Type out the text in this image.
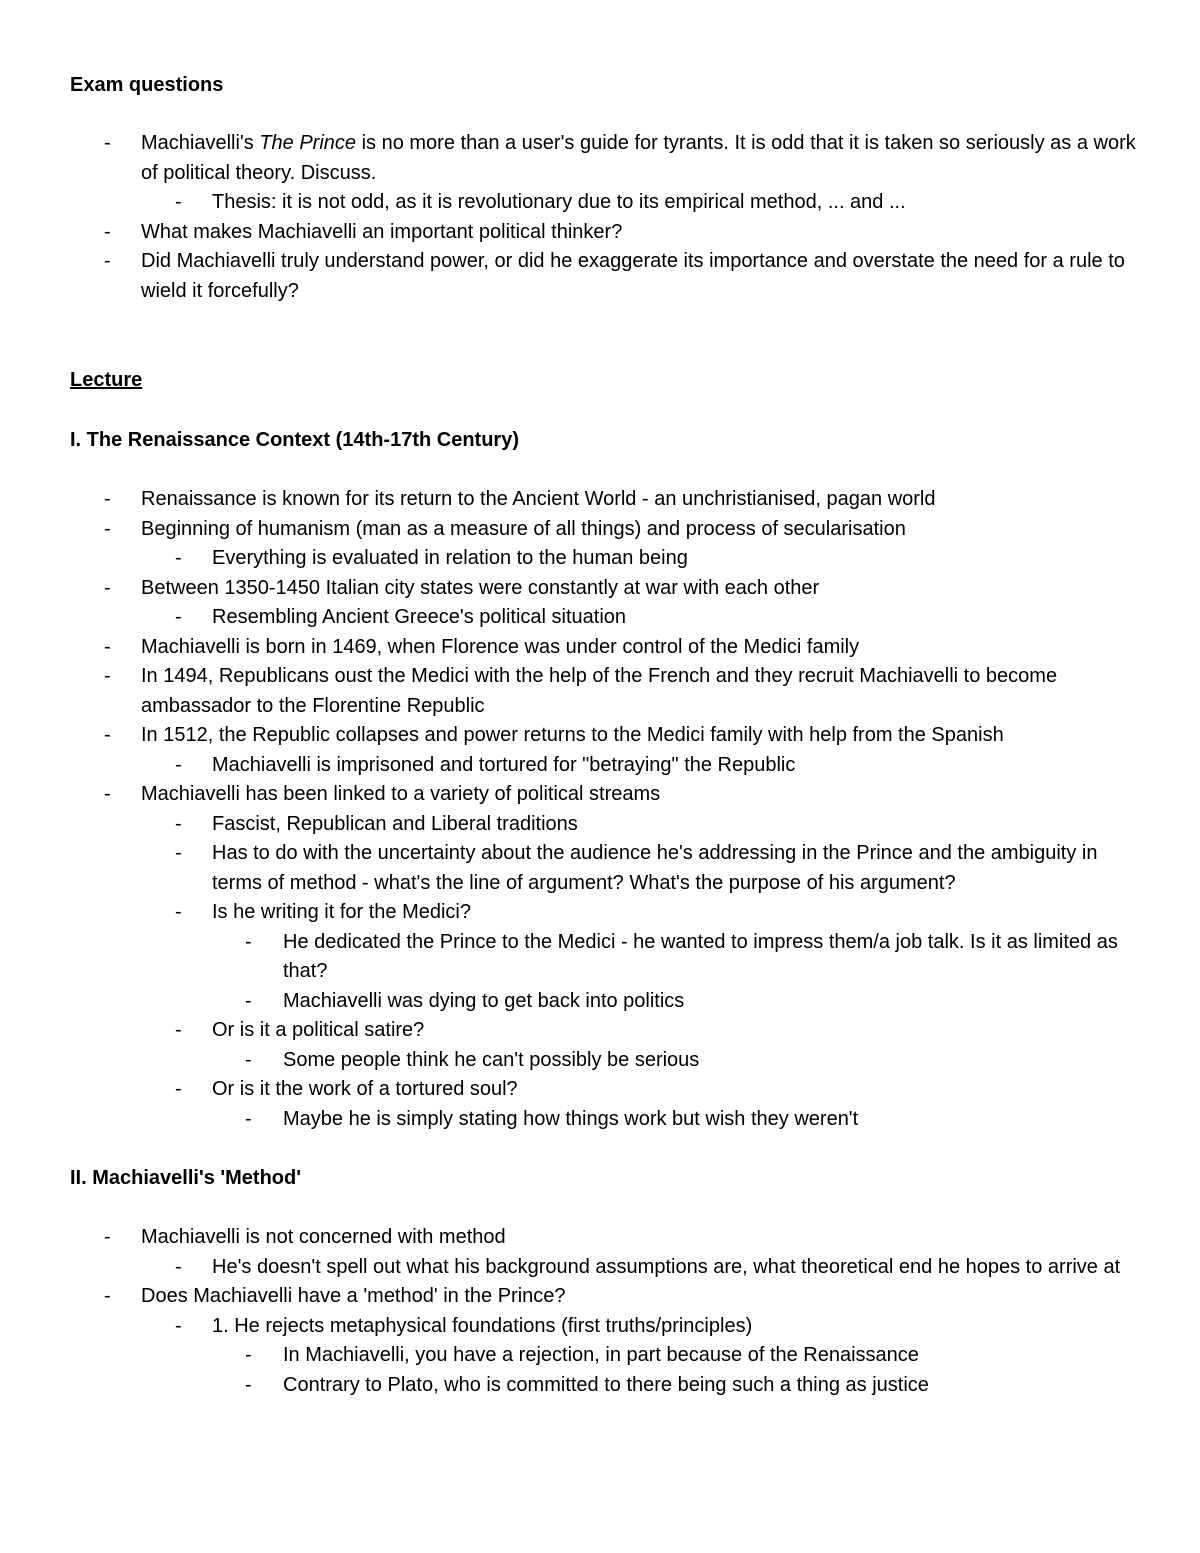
Exam questions

- Machiavelli's The Prince is no more than a user's guide for tyrants. It is odd that it is taken so seriously as a work of political theory. Discuss.
- Thesis: it is not odd, as it is revolutionary due to its empirical method, ... and ...
- What makes Machiavelli an important political thinker?
- Did Machiavelli truly understand power, or did he exaggerate its importance and overstate the need for a rule to wield it forcefully?

Lecture

I. The Renaissance Context (14th-17th Century)

- Renaissance is known for its return to the Ancient World - an unchristianised, pagan world
- Beginning of humanism (man as a measure of all things) and process of secularisation
- Everything is evaluated in relation to the human being
- Between 1350-1450 Italian city states were constantly at war with each other
- Resembling Ancient Greece's political situation
- Machiavelli is born in 1469, when Florence was under control of the Medici family
- In 1494, Republicans oust the Medici with the help of the French and they recruit Machiavelli to become ambassador to the Florentine Republic
- In 1512, the Republic collapses and power returns to the Medici family with help from the Spanish
- Machiavelli is imprisoned and tortured for "betraying" the Republic
- Machiavelli has been linked to a variety of political streams
- Fascist, Republican and Liberal traditions
- Has to do with the uncertainty about the audience he's addressing in the Prince and the ambiguity in terms of method - what's the line of argument? What's the purpose of his argument?
- Is he writing it for the Medici?
- He dedicated the Prince to the Medici - he wanted to impress them/a job talk. Is it as limited as that?
- Machiavelli was dying to get back into politics
- Or is it a political satire?
- Some people think he can't possibly be serious
- Or is it the work of a tortured soul?
- Maybe he is simply stating how things work but wish they weren't

II. Machiavelli's 'Method'

- Machiavelli is not concerned with method
- He's doesn't spell out what his background assumptions are, what theoretical end he hopes to arrive at
- Does Machiavelli have a 'method' in the Prince?
- 1. He rejects metaphysical foundations (first truths/principles)
- In Machiavelli, you have a rejection, in part because of the Renaissance
- Contrary to Plato, who is committed to there being such a thing as justice
